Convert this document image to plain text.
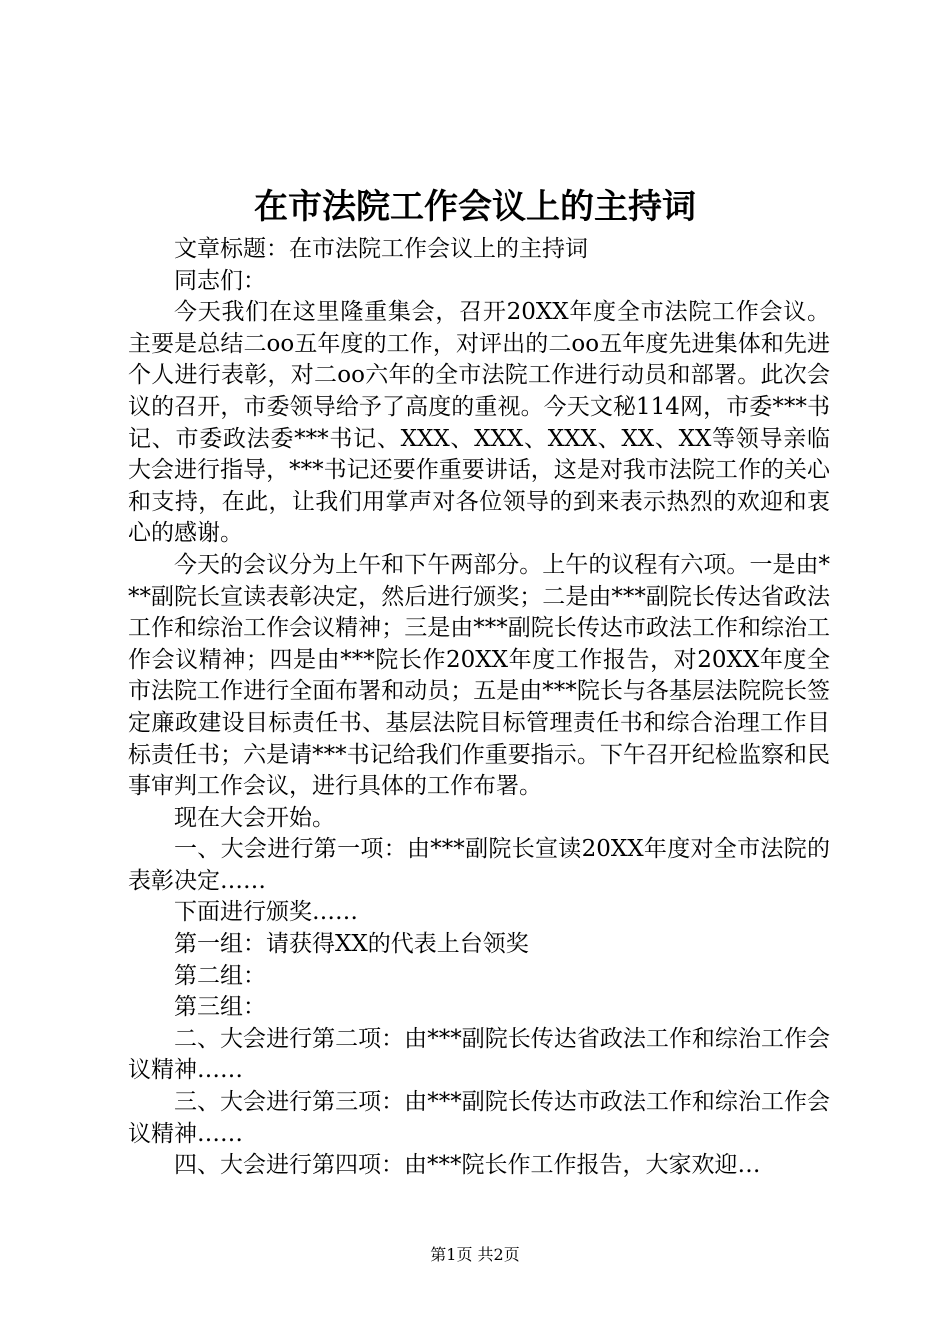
在市法院工作会议上的主持词

文章标题：在市法院工作会议上的主持词

同志们：

今天我们在这里隆重集会，召开20XX年度全市法院工作会议。主要是总结二oo五年度的工作，对评出的二oo五年度先进集体和先进个人进行表彰，对二oo六年的全市法院工作进行动员和部署。此次会议的召开，市委领导给予了高度的重视。今天文秘114网，市委***书记、市委政法委***书记、XXX、XXX、XXX、XX、XX等领导亲临大会进行指导，***书记还要作重要讲话，这是对我市法院工作的关心和支持，在此，让我们用掌声对各位领导的到来表示热烈的欢迎和衷心的感谢。

今天的会议分为上午和下午两部分。上午的议程有六项。一是由***副院长宣读表彰决定，然后进行颁奖；二是由***副院长传达省政法工作和综治工作会议精神；三是由***副院长传达市政法工作和综治工作会议精神；四是由***院长作20XX年度工作报告，对20XX年度全市法院工作进行全面布署和动员；五是由***院长与各基层法院院长签定廉政建设目标责任书、基层法院目标管理责任书和综合治理工作目标责任书；六是请***书记给我们作重要指示。下午召开纪检监察和民事审判工作会议，进行具体的工作布署。

现在大会开始。

一、大会进行第一项：由***副院长宣读20XX年度对全市法院的表彰决定……

下面进行颁奖……

第一组：请获得XX的代表上台领奖

第二组：

第三组：

二、大会进行第二项：由***副院长传达省政法工作和综治工作会议精神……

三、大会进行第三项：由***副院长传达市政法工作和综治工作会议精神……

四、大会进行第四项：由***院长作工作报告，大家欢迎…

第1页 共2页
